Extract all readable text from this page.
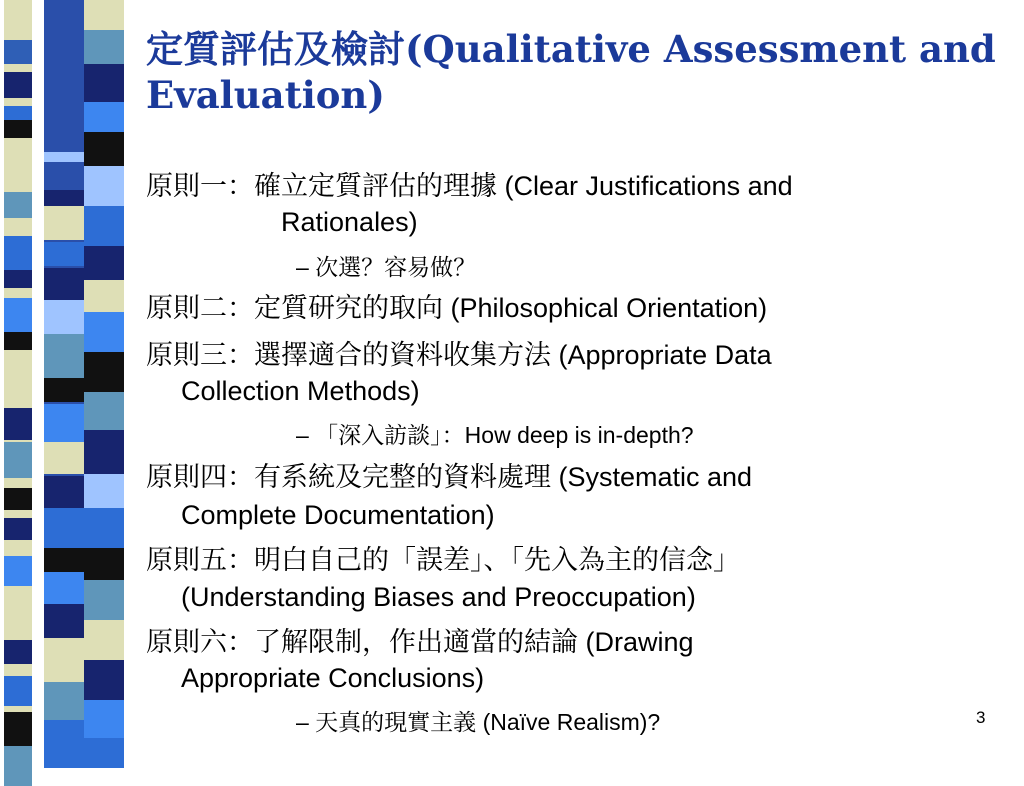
定質評估及檢討(Qualitative Assessment and Evaluation)

原則一：確立定質評估的理據 (Clear Justifications and

Rationales)

– 次選？容易做？

原則二：定質研究的取向 (Philosophical Orientation)

原則三：選擇適合的資料收集方法 (Appropriate Data

Collection Methods)

– 「深入訪談」：How deep is in-depth?

原則四：有系統及完整的資料處理 (Systematic and

Complete Documentation)

原則五：明白自己的「誤差」、「先入為主的信念」

(Understanding Biases and Preoccupation)

原則六：了解限制，作出適當的結論 (Drawing

Appropriate Conclusions)

– 天真的現實主義 (Naïve Realism)?	3
